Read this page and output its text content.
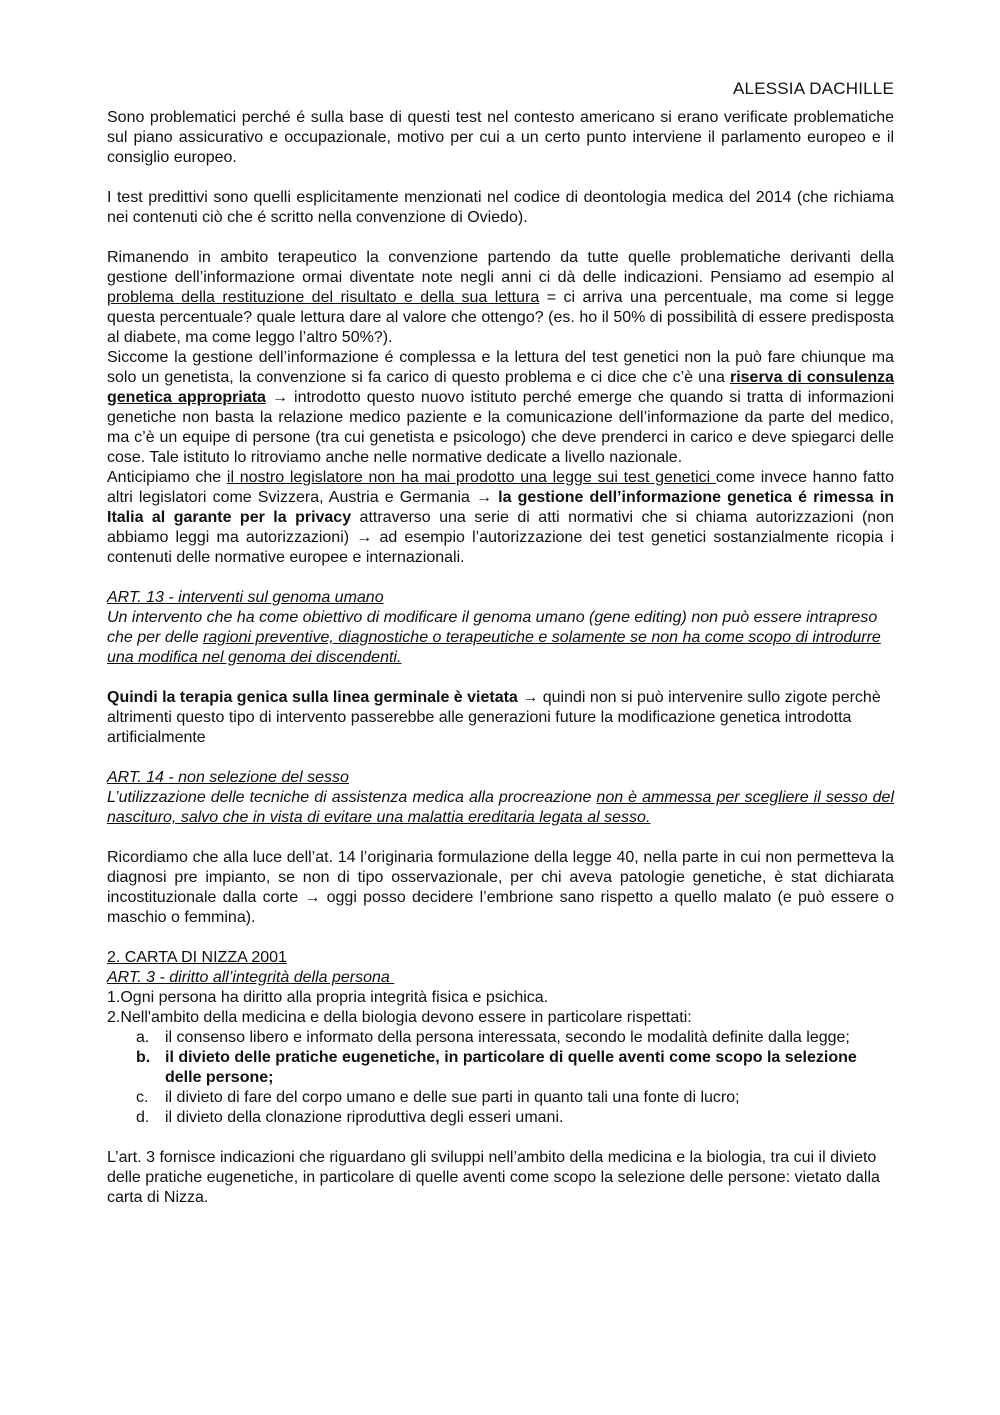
ALESSIA DACHILLE

Sono problematici perché é sulla base di questi test nel contesto americano si erano verificate problematiche sul piano assicurativo e occupazionale, motivo per cui a un certo punto interviene il parlamento europeo e il consiglio europeo.

I test predittivi sono quelli esplicitamente menzionati nel codice di deontologia medica del 2014 (che richiama nei contenuti ciò che é scritto nella convenzione di Oviedo).

Rimanendo in ambito terapeutico la convenzione partendo da tutte quelle problematiche derivanti della gestione dell’informazione ormai diventate note negli anni ci dà delle indicazioni. Pensiamo ad esempio al problema della restituzione del risultato e della sua lettura = ci arriva una percentuale, ma come si legge questa percentuale? quale lettura dare al valore che ottengo? (es. ho il 50% di possibilità di essere predisposta al diabete, ma come leggo l’altro 50%?).

Siccome la gestione dell’informazione é complessa e la lettura del test genetici non la può fare chiunque ma solo un genetista, la convenzione si fa carico di questo problema e ci dice che c’è una riserva di consulenza genetica appropriata → introdotto questo nuovo istituto perché emerge che quando si tratta di informazioni genetiche non basta la relazione medico paziente e la comunicazione dell’informazione da parte del medico, ma c’è un equipe di persone (tra cui genetista e psicologo) che deve prenderci in carico e deve spiegarci delle cose. Tale istituto lo ritroviamo anche nelle normative dedicate a livello nazionale.

Anticipiamo che il nostro legislatore non ha mai prodotto una legge sui test genetici come invece hanno fatto altri legislatori come Svizzera, Austria e Germania → la gestione dell’informazione genetica é rimessa in Italia al garante per la privacy attraverso una serie di atti normativi che si chiama autorizzazioni (non abbiamo leggi ma autorizzazioni) → ad esempio l’autorizzazione dei test genetici sostanzialmente ricopia i contenuti delle normative europee e internazionali.

ART. 13 - interventi sul genoma umano

Un intervento che ha come obiettivo di modificare il genoma umano (gene editing) non può essere intrapreso che per delle ragioni preventive, diagnostiche o terapeutiche e solamente se non ha come scopo di introdurre una modifica nel genoma dei discendenti.

Quindi la terapia genica sulla linea germinale è vietata → quindi non si può intervenire sullo zigote perchè altrimenti questo tipo di intervento passerebbe alle generazioni future la modificazione genetica introdotta artificialmente

ART. 14 - non selezione del sesso

L’utilizzazione delle tecniche di assistenza medica alla procreazione non è ammessa per scegliere il sesso del nascituro, salvo che in vista di evitare una malattia ereditaria legata al sesso.

Ricordiamo che alla luce dell’at. 14 l’originaria formulazione della legge 40, nella parte in cui non permetteva la diagnosi pre impianto, se non di tipo osservazionale, per chi aveva patologie genetiche, è stat dichiarata incostituzionale dalla corte → oggi posso decidere l’embrione sano rispetto a quello malato (e può essere o maschio o femmina).

2. CARTA DI NIZZA 2001

ART. 3 - diritto all’integrità della persona

1.Ogni persona ha diritto alla propria integrità fisica e psichica.

2.Nell'ambito della medicina e della biologia devono essere in particolare rispettati:

a. il consenso libero e informato della persona interessata, secondo le modalità definite dalla legge;
b. il divieto delle pratiche eugenetiche, in particolare di quelle aventi come scopo la selezione delle persone;
c. il divieto di fare del corpo umano e delle sue parti in quanto tali una fonte di lucro;
d. il divieto della clonazione riproduttiva degli esseri umani.

L’art. 3 fornisce indicazioni che riguardano gli sviluppi nell’ambito della medicina e la biologia, tra cui il divieto delle pratiche eugenetiche, in particolare di quelle aventi come scopo la selezione delle persone: vietato dalla carta di Nizza.
